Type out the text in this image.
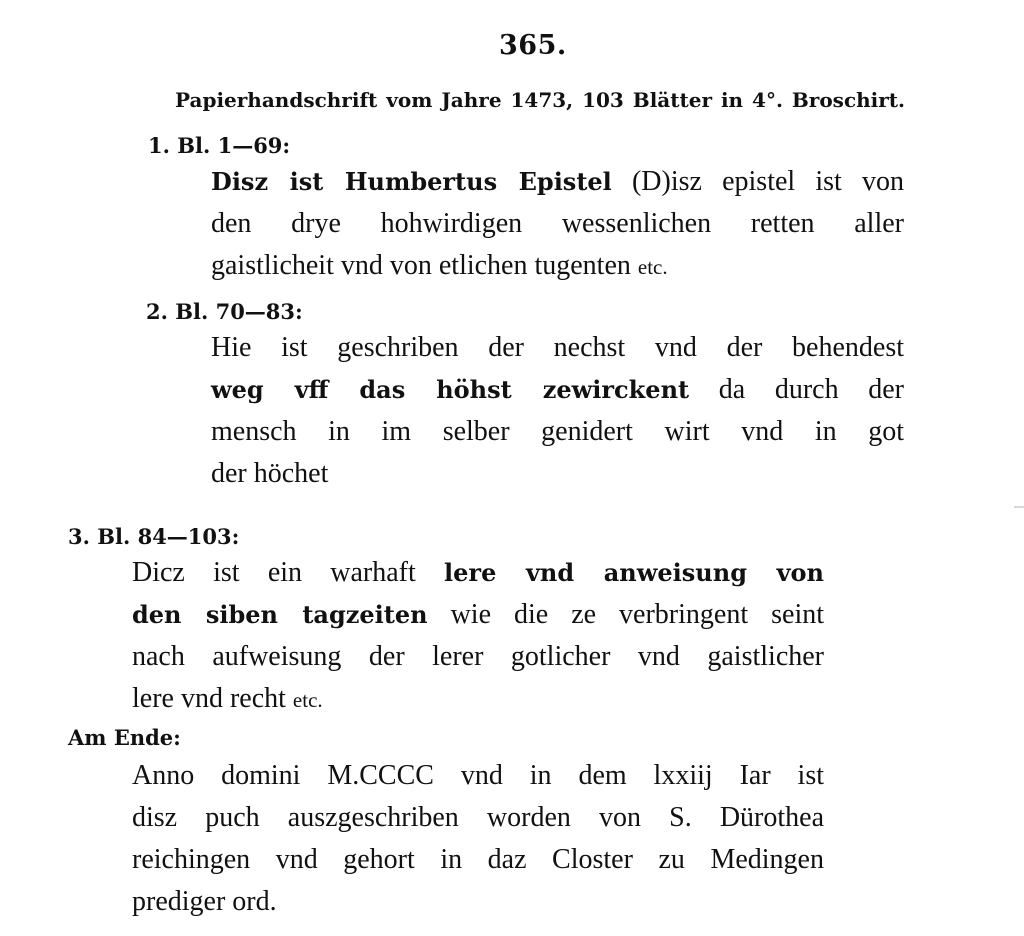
365.
Papierhandschrift vom Jahre 1473, 103 Blätter in 4°. Broschirt.
1. Bl. 1—69:
Disz ist Humbertus Epistel (D)isz epistel ist von
den drye hohwirdigen wessenlichen retten aller
gaistlicheit vnd von etlichen tugenten etc.
2. Bl. 70—83:
Hie ist geschriben der nechst vnd der behendest
weg vff das höhst zewirckent da durch der
mensch in im selber genidert wirt vnd in got
der höchet
3. Bl. 84—103:
Dicz ist ein warhaft lere vnd anweisung von
den siben tagzeiten wie die ze verbringent seint
nach aufweisung der lerer gotlicher vnd gaistlicher
lere vnd recht etc.
Am Ende:
Anno domini M.CCCC vnd in dem lxxiij Iar ist
disz puch auszgeschriben worden von S. Dürothea
reichingen vnd gehort in daz Closter zu Medingen
prediger ord.
